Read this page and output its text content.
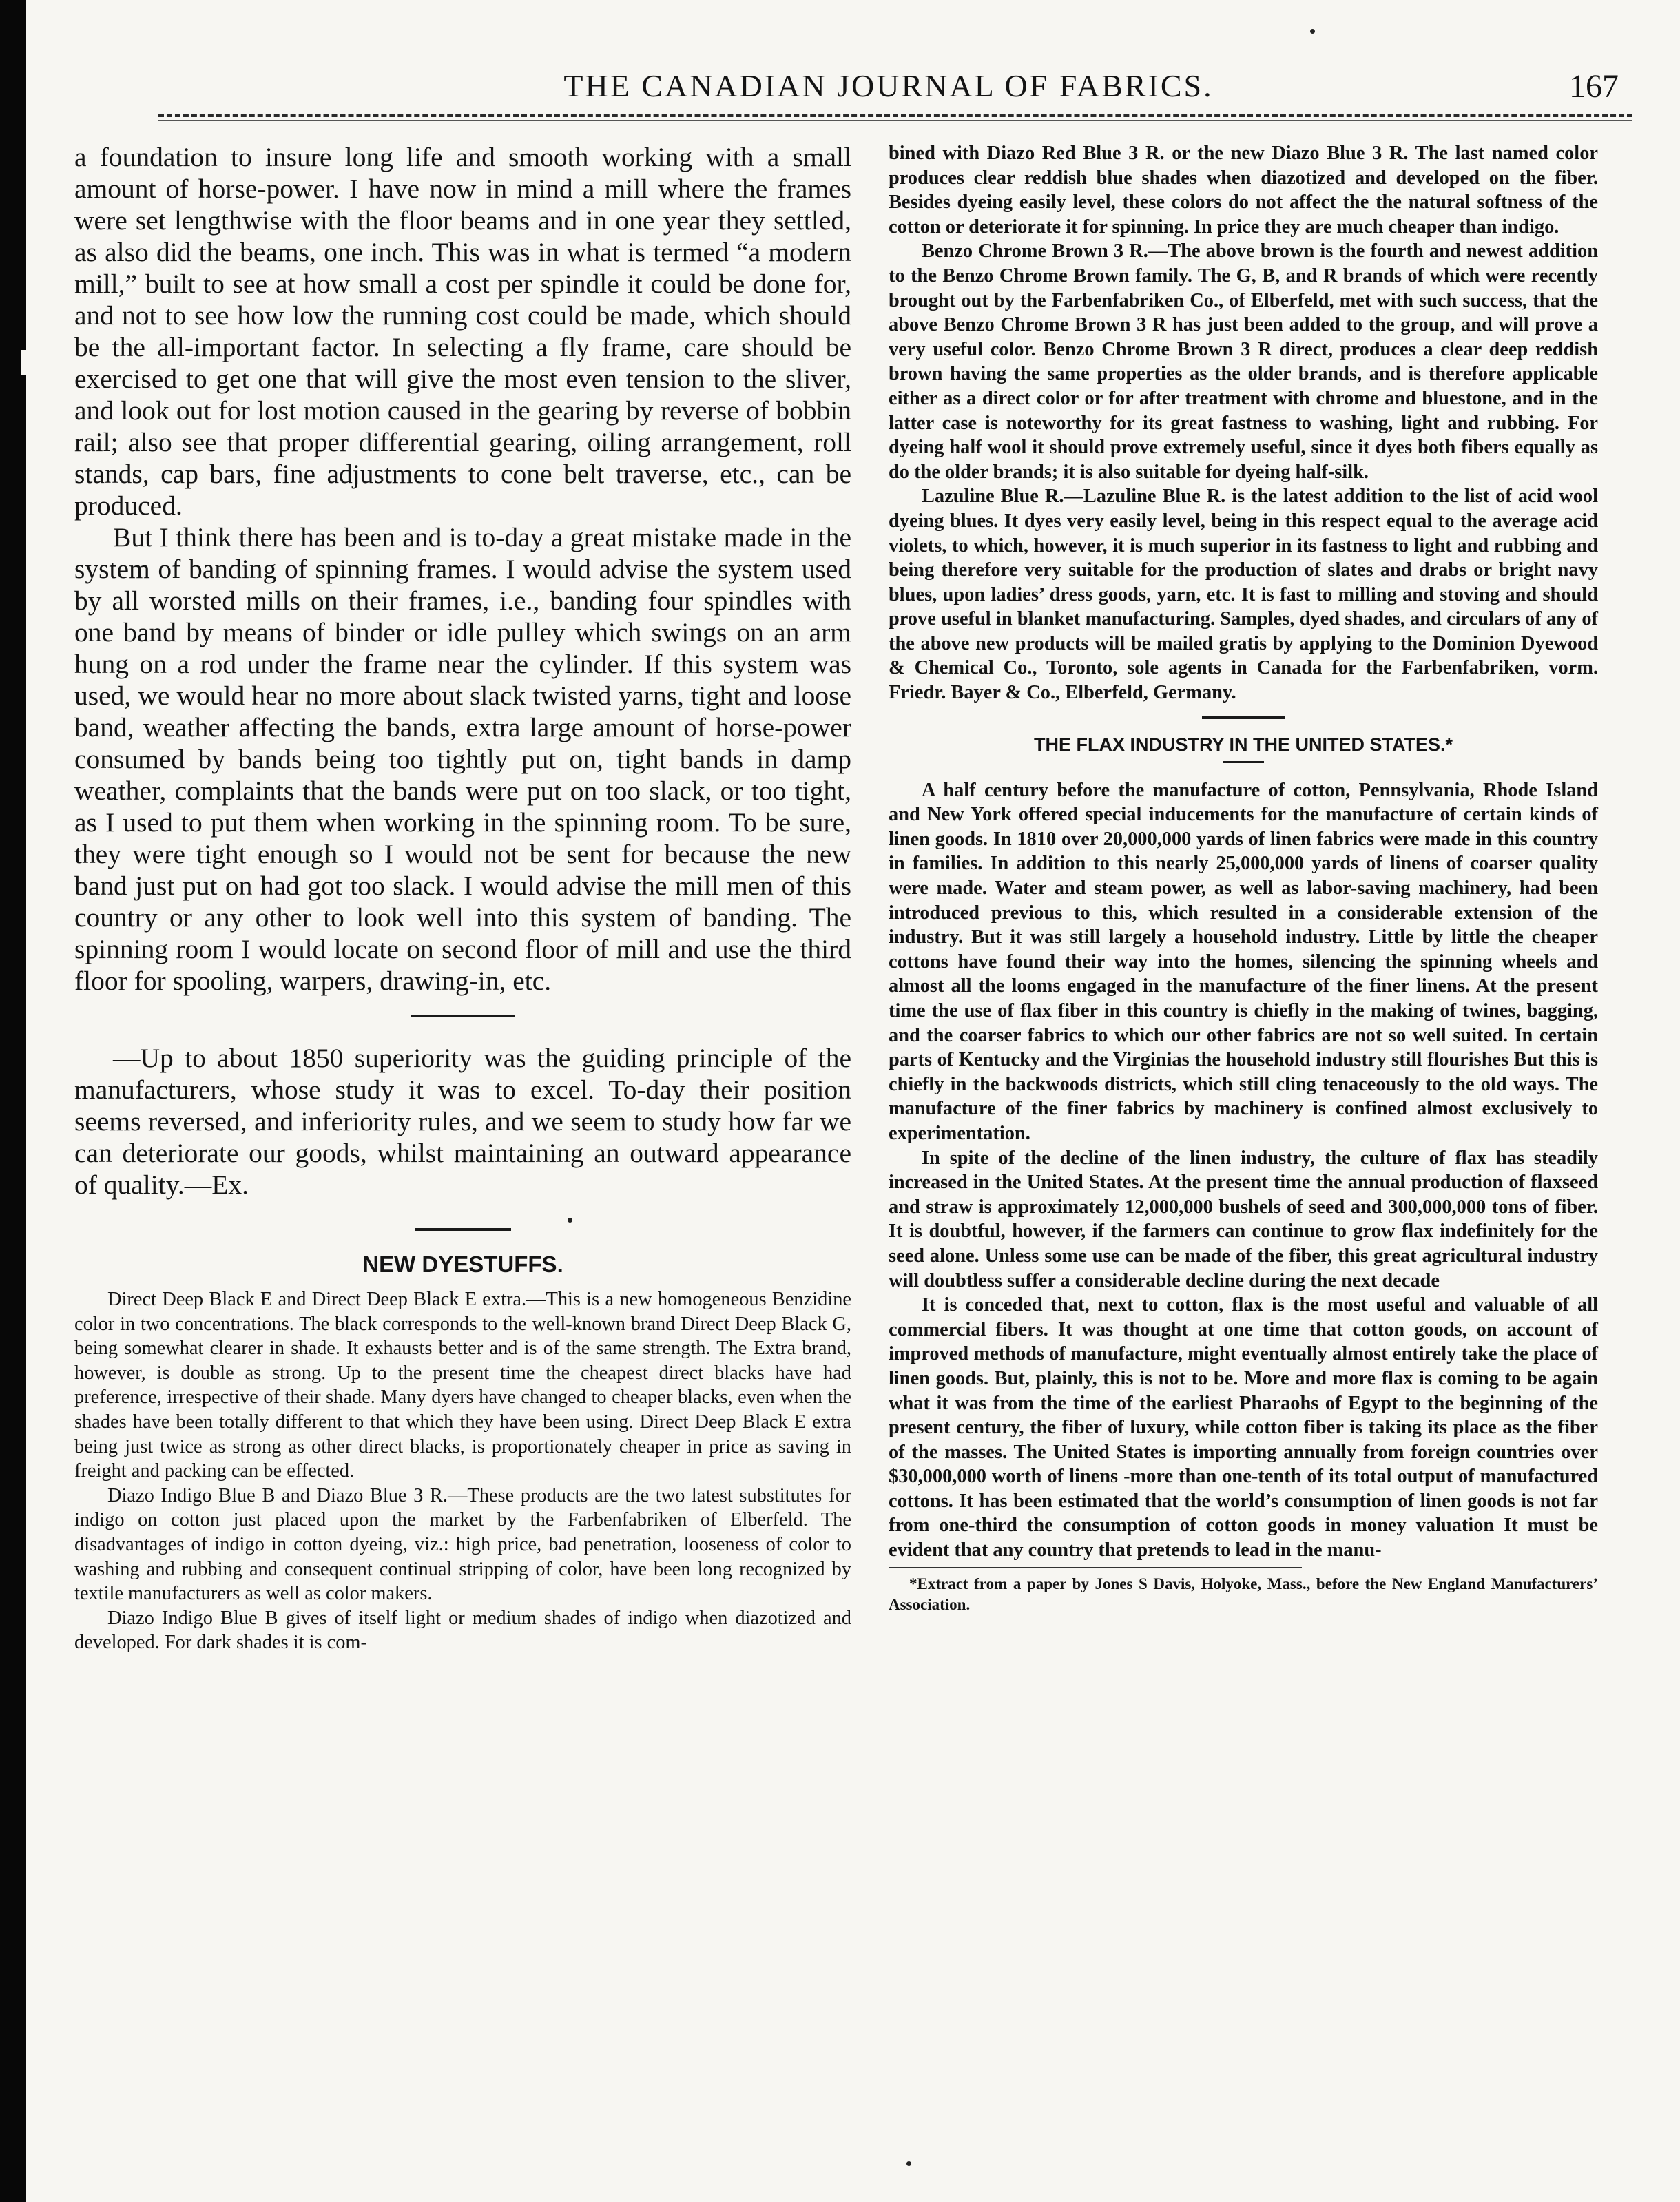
THE CANADIAN JOURNAL OF FABRICS.	167

a foundation to insure long life and smooth working with a small amount of horse-power. I have now in mind a mill where the frames were set lengthwise with the floor beams and in one year they settled, as also did the beams, one inch. This was in what is termed “a modern mill,” built to see at how small a cost per spindle it could be done for, and not to see how low the running cost could be made, which should be the all-important factor. In selecting a fly frame, care should be exercised to get one that will give the most even tension to the sliver, and look out for lost motion caused in the gearing by reverse of bobbin rail; also see that proper differential gearing, oiling arrangement, roll stands, cap bars, fine adjustments to cone belt traverse, etc., can be produced.

But I think there has been and is to-day a great mistake made in the system of banding of spinning frames. I would advise the system used by all worsted mills on their frames, i.e., banding four spindles with one band by means of binder or idle pulley which swings on an arm hung on a rod under the frame near the cylinder. If this system was used, we would hear no more about slack twisted yarns, tight and loose band, weather affecting the bands, extra large amount of horse-power consumed by bands being too tightly put on, tight bands in damp weather, complaints that the bands were put on too slack, or too tight, as I used to put them when working in the spinning room. To be sure, they were tight enough so I would not be sent for because the new band just put on had got too slack. I would advise the mill men of this country or any other to look well into this system of banding. The spinning room I would locate on second floor of mill and use the third floor for spooling, warpers, drawing-in, etc.

—Up to about 1850 superiority was the guiding principle of the manufacturers, whose study it was to excel. To-day their position seems reversed, and inferiority rules, and we seem to study how far we can deteriorate our goods, whilst maintaining an outward appearance of quality.—Ex.

NEW DYESTUFFS.

Direct Deep Black E and Direct Deep Black E extra.—This is a new homogeneous Benzidine color in two concentrations. The black corresponds to the well-known brand Direct Deep Black G, being somewhat clearer in shade. It exhausts better and is of the same strength. The Extra brand, however, is double as strong. Up to the present time the cheapest direct blacks have had preference, irrespective of their shade. Many dyers have changed to cheaper blacks, even when the shades have been totally different to that which they have been using. Direct Deep Black E extra being just twice as strong as other direct blacks, is proportionately cheaper in price as saving in freight and packing can be effected.

Diazo Indigo Blue B and Diazo Blue 3 R.—These products are the two latest substitutes for indigo on cotton just placed upon the market by the Farbenfabriken of Elberfeld. The disadvantages of indigo in cotton dyeing, viz.: high price, bad penetration, looseness of color to washing and rubbing and consequent continual stripping of color, have been long recognized by textile manufacturers as well as color makers.

Diazo Indigo Blue B gives of itself light or medium shades of indigo when diazotized and developed. For dark shades it is com-

bined with Diazo Red Blue 3 R. or the new Diazo Blue 3 R. The last named color produces clear reddish blue shades when diazotized and developed on the fiber. Besides dyeing easily level, these colors do not affect the the natural softness of the cotton or deteriorate it for spinning. In price they are much cheaper than indigo.

Benzo Chrome Brown 3 R.—The above brown is the fourth and newest addition to the Benzo Chrome Brown family. The G, B, and R brands of which were recently brought out by the Farbenfabriken Co., of Elberfeld, met with such success, that the above Benzo Chrome Brown 3 R has just been added to the group, and will prove a very useful color. Benzo Chrome Brown 3 R direct, produces a clear deep reddish brown having the same properties as the older brands, and is therefore applicable either as a direct color or for after treatment with chrome and bluestone, and in the latter case is noteworthy for its great fastness to washing, light and rubbing. For dyeing half wool it should prove extremely useful, since it dyes both fibers equally as do the older brands; it is also suitable for dyeing half-silk.

Lazuline Blue R.—Lazuline Blue R. is the latest addition to the list of acid wool dyeing blues. It dyes very easily level, being in this respect equal to the average acid violets, to which, however, it is much superior in its fastness to light and rubbing and being therefore very suitable for the production of slates and drabs or bright navy blues, upon ladies’ dress goods, yarn, etc. It is fast to milling and stoving and should prove useful in blanket manufacturing. Samples, dyed shades, and circulars of any of the above new products will be mailed gratis by applying to the Dominion Dyewood & Chemical Co., Toronto, sole agents in Canada for the Farbenfabriken, vorm. Friedr. Bayer & Co., Elberfeld, Germany.

THE FLAX INDUSTRY IN THE UNITED STATES.*

A half century before the manufacture of cotton, Pennsylvania, Rhode Island and New York offered special inducements for the manufacture of certain kinds of linen goods. In 1810 over 20,000,000 yards of linen fabrics were made in this country in families. In addition to this nearly 25,000,000 yards of linens of coarser quality were made. Water and steam power, as well as labor-saving machinery, had been introduced previous to this, which resulted in a considerable extension of the industry. But it was still largely a household industry. Little by little the cheaper cottons have found their way into the homes, silencing the spinning wheels and almost all the looms engaged in the manufacture of the finer linens. At the present time the use of flax fiber in this country is chiefly in the making of twines, bagging, and the coarser fabrics to which our other fabrics are not so well suited. In certain parts of Kentucky and the Virginias the household industry still flourishes But this is chiefly in the backwoods districts, which still cling tenaceously to the old ways. The manufacture of the finer fabrics by machinery is confined almost exclusively to experimentation.

In spite of the decline of the linen industry, the culture of flax has steadily increased in the United States. At the present time the annual production of flaxseed and straw is approximately 12,000,000 bushels of seed and 300,000,000 tons of fiber. It is doubtful, however, if the farmers can continue to grow flax indefinitely for the seed alone. Unless some use can be made of the fiber, this great agricultural industry will doubtless suffer a considerable decline during the next decade

It is conceded that, next to cotton, flax is the most useful and valuable of all commercial fibers. It was thought at one time that cotton goods, on account of improved methods of manufacture, might eventually almost entirely take the place of linen goods. But, plainly, this is not to be. More and more flax is coming to be again what it was from the time of the earliest Pharaohs of Egypt to the beginning of the present century, the fiber of luxury, while cotton fiber is taking its place as the fiber of the masses. The United States is importing annually from foreign countries over $30,000,000 worth of linens -more than one-tenth of its total output of manufactured cottons. It has been estimated that the world’s consumption of linen goods is not far from one-third the consumption of cotton goods in money valuation It must be evident that any country that pretends to lead in the manu-

*Extract from a paper by Jones S Davis, Holyoke, Mass., before the New England Manufacturers’ Association.
